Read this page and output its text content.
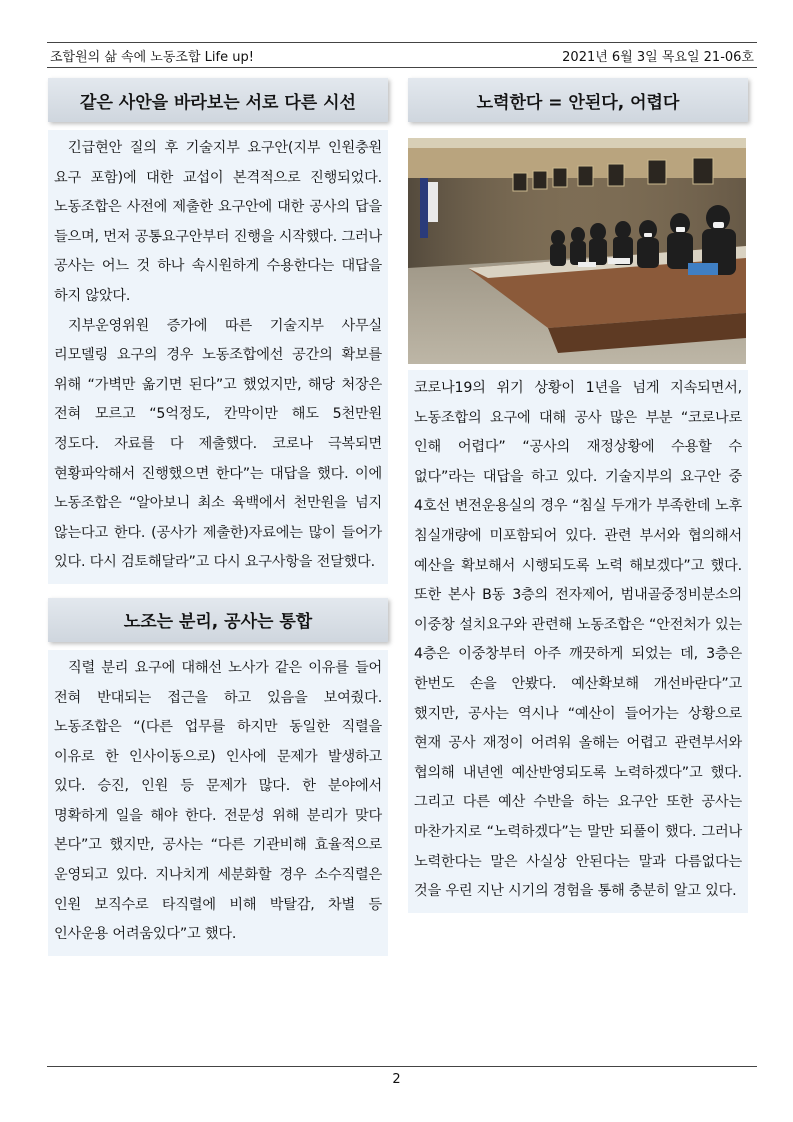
조합원의 삶 속에 노동조합 Life up!	2021년 6월 3일 목요일 21-06호
같은 사안을 바라보는 서로 다른 시선

긴급현안 질의 후 기술지부 요구안(지부 인원충원 요구 포함)에 대한 교섭이 본격적으로 진행되었다. 노동조합은 사전에 제출한 요구안에 대한 공사의 답을 들으며, 먼저 공통요구안부터 진행을 시작했다. 그러나 공사는 어느 것 하나 속시원하게 수용한다는 대답을 하지 않았다.

지부운영위원 증가에 따른 기술지부 사무실 리모델링 요구의 경우 노동조합에선 공간의 확보를 위해 “가벽만 옮기면 된다”고 했었지만, 해당 처장은 전혀 모르고 “5억정도, 칸막이만 해도 5천만원 정도다. 자료를 다 제출했다. 코로나 극복되면 현황파악해서 진행했으면 한다”는 대답을 했다. 이에 노동조합은 “알아보니 최소 육백에서 천만원을 넘지 않는다고 한다. (공사가 제출한)자료에는 많이 들어가 있다. 다시 검토해달라”고 다시 요구사항을 전달했다.

노조는 분리, 공사는 통합

직렬 분리 요구에 대해선 노사가 같은 이유를 들어 전혀 반대되는 접근을 하고 있음을 보여줬다. 노동조합은 “(다른 업무를 하지만 동일한 직렬을 이유로 한 인사이동으로) 인사에 문제가 발생하고 있다. 승진, 인원 등 문제가 많다. 한 분야에서 명확하게 일을 해야 한다. 전문성 위해 분리가 맞다 본다”고 했지만, 공사는 “다른 기관비해 효율적으로 운영되고 있다. 지나치게 세분화할 경우 소수직렬은 인원 보직수로 타직렬에 비해 박탈감, 차별 등 인사운용 어려움있다”고 했다.

노력한다 = 안된다, 어렵다

코로나19의 위기 상황이 1년을 넘게 지속되면서, 노동조합의 요구에 대해 공사 많은 부분 “코로나로 인해 어렵다” “공사의 재정상황에 수용할 수 없다”라는 대답을 하고 있다. 기술지부의 요구안 중 4호선 변전운용실의 경우 “침실 두개가 부족한데 노후 침실개량에 미포함되어 있다. 관련 부서와 협의해서 예산을 확보해서 시행되도록 노력 해보겠다”고 했다. 또한 본사 B동 3층의 전자제어, 범내골중정비분소의 이중창 설치요구와 관련해 노동조합은 “안전처가 있는 4층은 이중창부터 아주 깨끗하게 되었는 데, 3층은 한번도 손을 안봤다. 예산확보해 개선바란다”고 했지만, 공사는 역시나 “예산이 들어가는 상황으로 현재 공사 재정이 어려워 올해는 어렵고 관련부서와 협의해 내년엔 예산반영되도록 노력하겠다”고 했다. 그리고 다른 예산 수반을 하는 요구안 또한 공사는 마찬가지로 “노력하겠다”는 말만 되풀이 했다. 그러나 노력한다는 말은 사실상 안된다는 말과 다름없다는 것을 우린 지난 시기의 경험을 통해 충분히 알고 있다.

2
